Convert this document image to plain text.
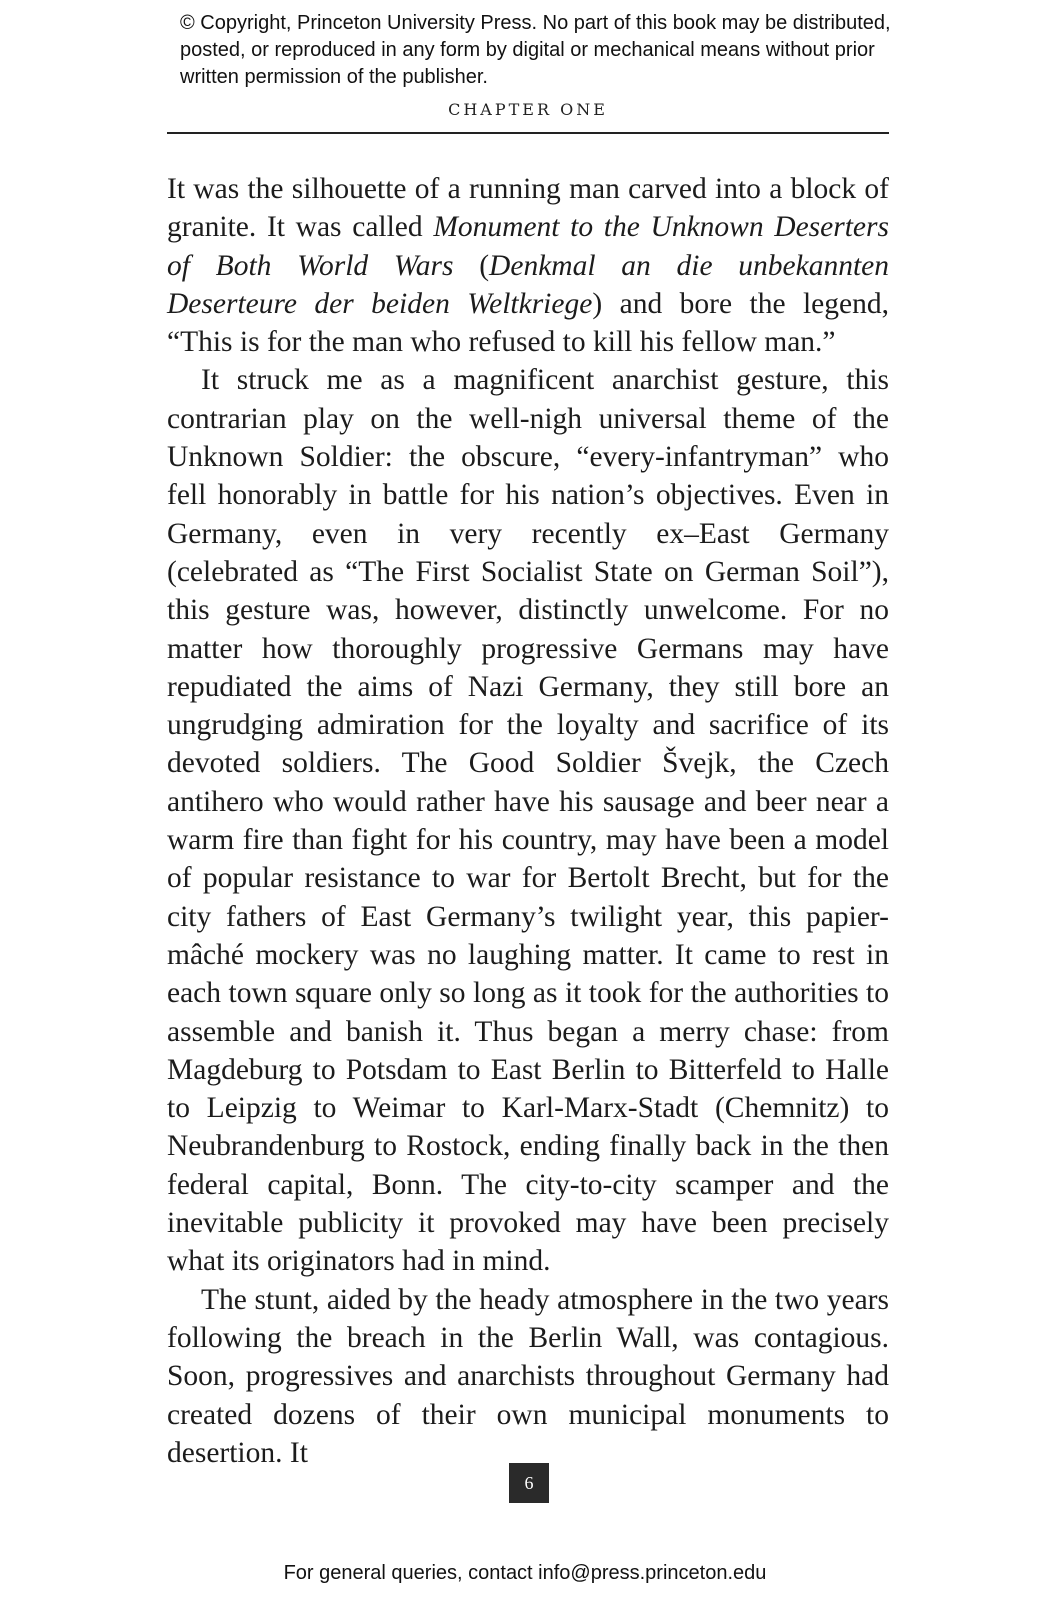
© Copyright, Princeton University Press. No part of this book may be distributed, posted, or reproduced in any form by digital or mechanical means without prior written permission of the publisher.
CHAPTER ONE

It was the silhouette of a running man carved into a block of granite. It was called Monument to the Unknown Deserters of Both World Wars (Denkmal an die unbekannten Deserteure der beiden Weltkriege) and bore the legend, “This is for the man who refused to kill his fellow man.”

It struck me as a magnificent anarchist gesture, this contrarian play on the well-nigh universal theme of the Unknown Soldier: the obscure, “every-infantryman” who fell honorably in battle for his nation’s objectives. Even in Germany, even in very recently ex–East Germany (celebrated as “The First Socialist State on German Soil”), this gesture was, however, distinctly unwelcome. For no matter how thoroughly progressive Germans may have repudiated the aims of Nazi Germany, they still bore an ungrudging admiration for the loyalty and sacrifice of its devoted soldiers. The Good Soldier Švejk, the Czech antihero who would rather have his sausage and beer near a warm fire than fight for his country, may have been a model of popular resistance to war for Bertolt Brecht, but for the city fathers of East Germany’s twilight year, this papier-mâché mockery was no laughing matter. It came to rest in each town square only so long as it took for the authorities to assemble and banish it. Thus began a merry chase: from Magdeburg to Potsdam to East Berlin to Bitterfeld to Halle to Leipzig to Weimar to Karl-Marx-Stadt (Chemnitz) to Neubrandenburg to Rostock, ending finally back in the then federal capital, Bonn. The city-to-city scamper and the inevitable publicity it provoked may have been precisely what its originators had in mind.

The stunt, aided by the heady atmosphere in the two years following the breach in the Berlin Wall, was contagious. Soon, progressives and anarchists throughout Germany had created dozens of their own municipal monuments to desertion. It

6
For general queries, contact info@press.princeton.edu
